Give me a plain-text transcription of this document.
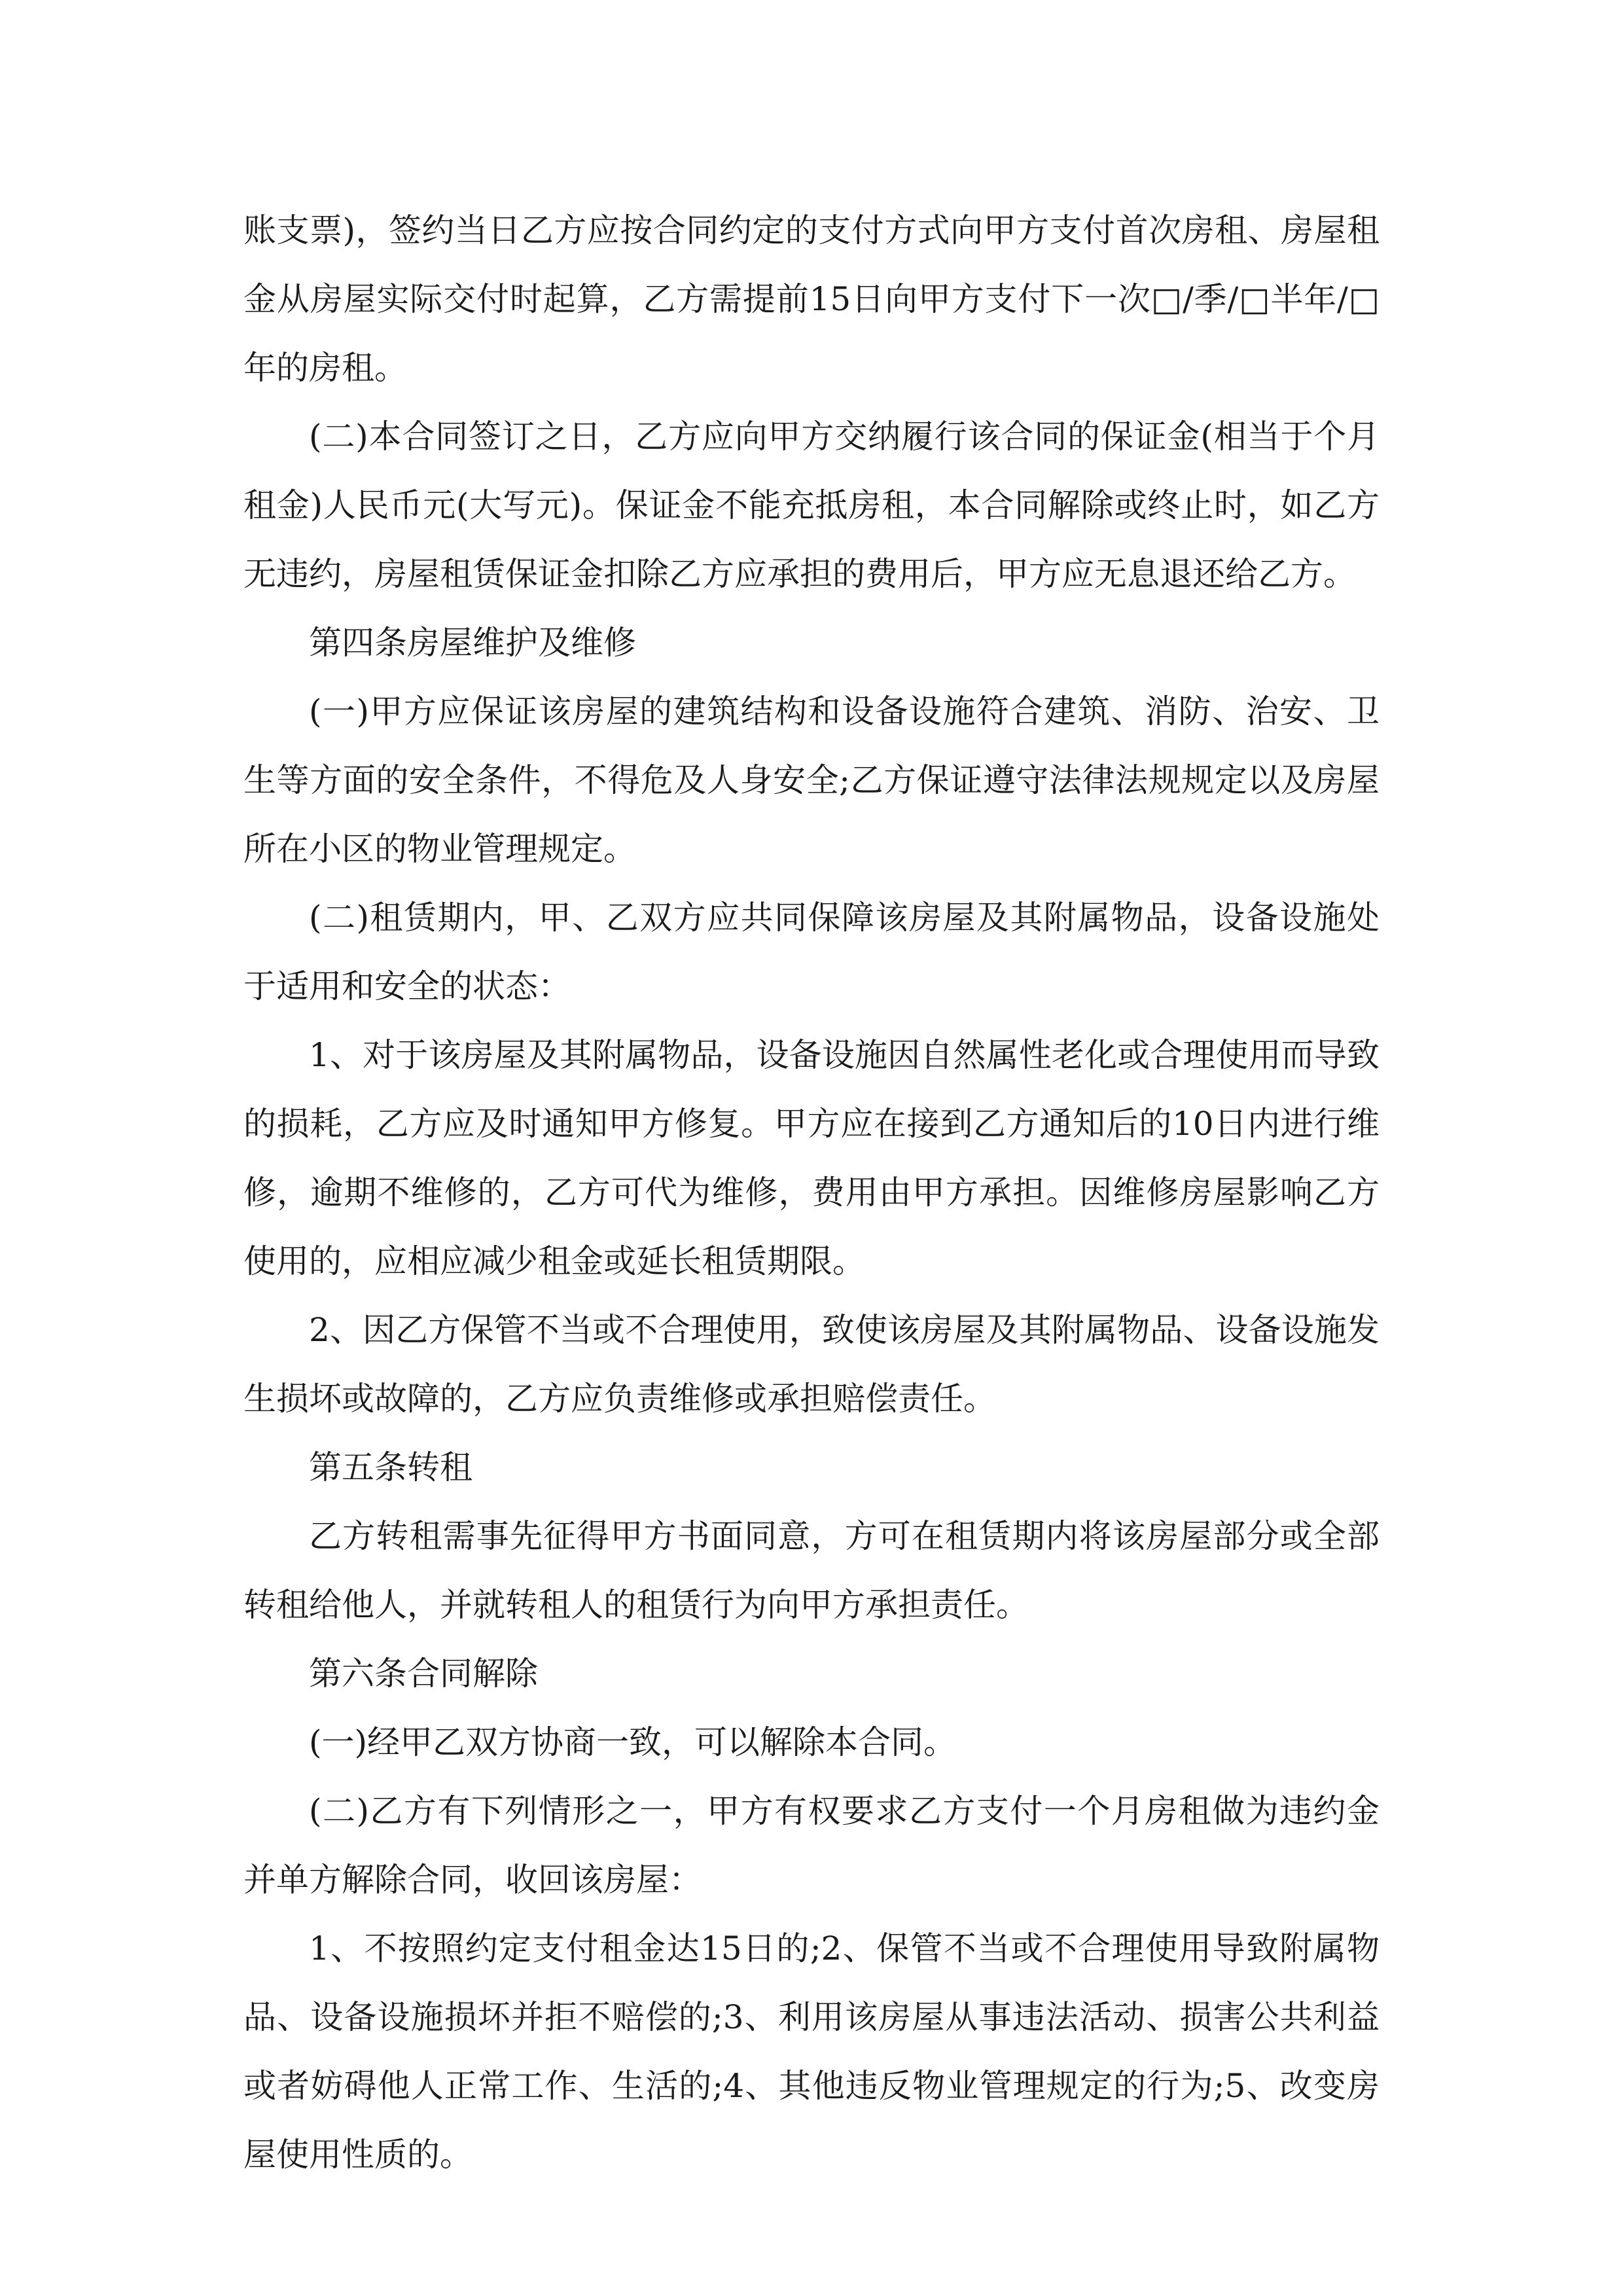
账支票)，签约当日乙方应按合同约定的支付方式向甲方支付首次房租、房屋租金从房屋实际交付时起算，乙方需提前15日向甲方支付下一次□/季/□半年/□年的房租。

(二)本合同签订之日，乙方应向甲方交纳履行该合同的保证金(相当于个月租金)人民币元(大写元)。保证金不能充抵房租，本合同解除或终止时，如乙方无违约，房屋租赁保证金扣除乙方应承担的费用后，甲方应无息退还给乙方。

第四条房屋维护及维修

(一)甲方应保证该房屋的建筑结构和设备设施符合建筑、消防、治安、卫生等方面的安全条件，不得危及人身安全;乙方保证遵守法律法规规定以及房屋所在小区的物业管理规定。

(二)租赁期内，甲、乙双方应共同保障该房屋及其附属物品，设备设施处于适用和安全的状态：

1、对于该房屋及其附属物品，设备设施因自然属性老化或合理使用而导致的损耗，乙方应及时通知甲方修复。甲方应在接到乙方通知后的10日内进行维修，逾期不维修的，乙方可代为维修，费用由甲方承担。因维修房屋影响乙方使用的，应相应减少租金或延长租赁期限。

2、因乙方保管不当或不合理使用，致使该房屋及其附属物品、设备设施发生损坏或故障的，乙方应负责维修或承担赔偿责任。

第五条转租

乙方转租需事先征得甲方书面同意，方可在租赁期内将该房屋部分或全部转租给他人，并就转租人的租赁行为向甲方承担责任。

第六条合同解除

(一)经甲乙双方协商一致，可以解除本合同。

(二)乙方有下列情形之一，甲方有权要求乙方支付一个月房租做为违约金并单方解除合同，收回该房屋：

1、不按照约定支付租金达15日的;2、保管不当或不合理使用导致附属物品、设备设施损坏并拒不赔偿的;3、利用该房屋从事违法活动、损害公共利益或者妨碍他人正常工作、生活的;4、其他违反物业管理规定的行为;5、改变房屋使用性质的。
